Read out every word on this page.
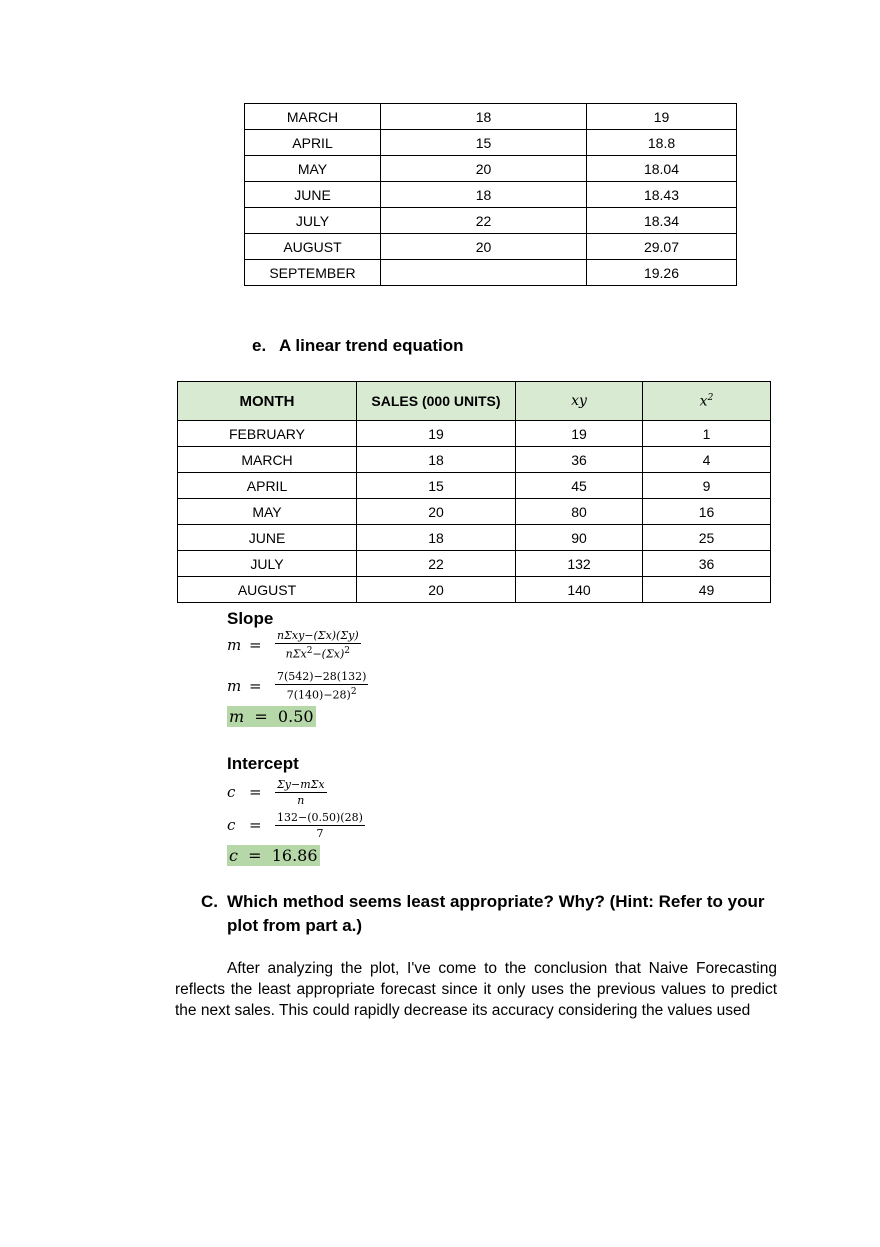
MARCH	18	19
APRIL	15	18.8
MAY	20	18.04
JUNE	18	18.43
JULY	22	18.34
AUGUST	20	29.07
SEPTEMBER		19.26
e. A linear trend equation
MONTH	SALES (000 UNITS)	xy	$x^2$
FEBRUARY	19	19	1
MARCH	18	36	4
APRIL	15	45	9
MAY	20	80	16
JUNE	18	90	25
JULY	22	132	36
AUGUST	20	140	49
Slope
m =	$\frac{\text{nΣxy−(Σx)(Σy)}}{n\Sigma x^2-(\Sigma x)^2}$
m =	$\frac{7(542)-28(132)}{7(140)-28)^2}$
m = 0.50
Intercept
c =	$\frac{\text{Σy−mΣx}}{n}$
c =	$\frac{132-(0.50)(28)}{7}$
c = 16.86
C. Which method seems least appropriate? Why? (Hint: Refer to your
plot from part a.)
After analyzing the plot, I've come to the conclusion that Naive Forecasting reflects the least appropriate forecast since it only uses the previous values to predict the next sales. This could rapidly decrease its accuracy considering the values used
